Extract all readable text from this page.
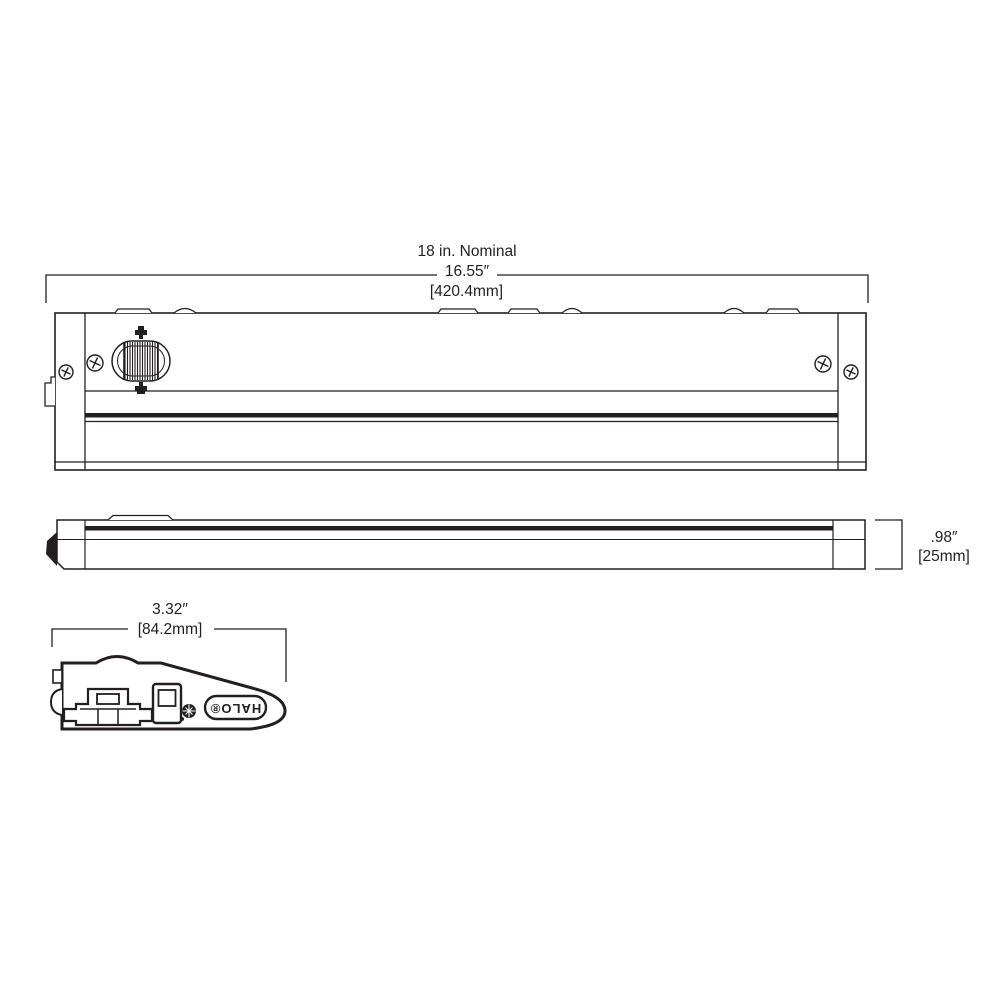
18 in. Nominal
16.55″
[420.4mm]
.98″
[25mm]
3.32″
[84.2mm]
HALO®
